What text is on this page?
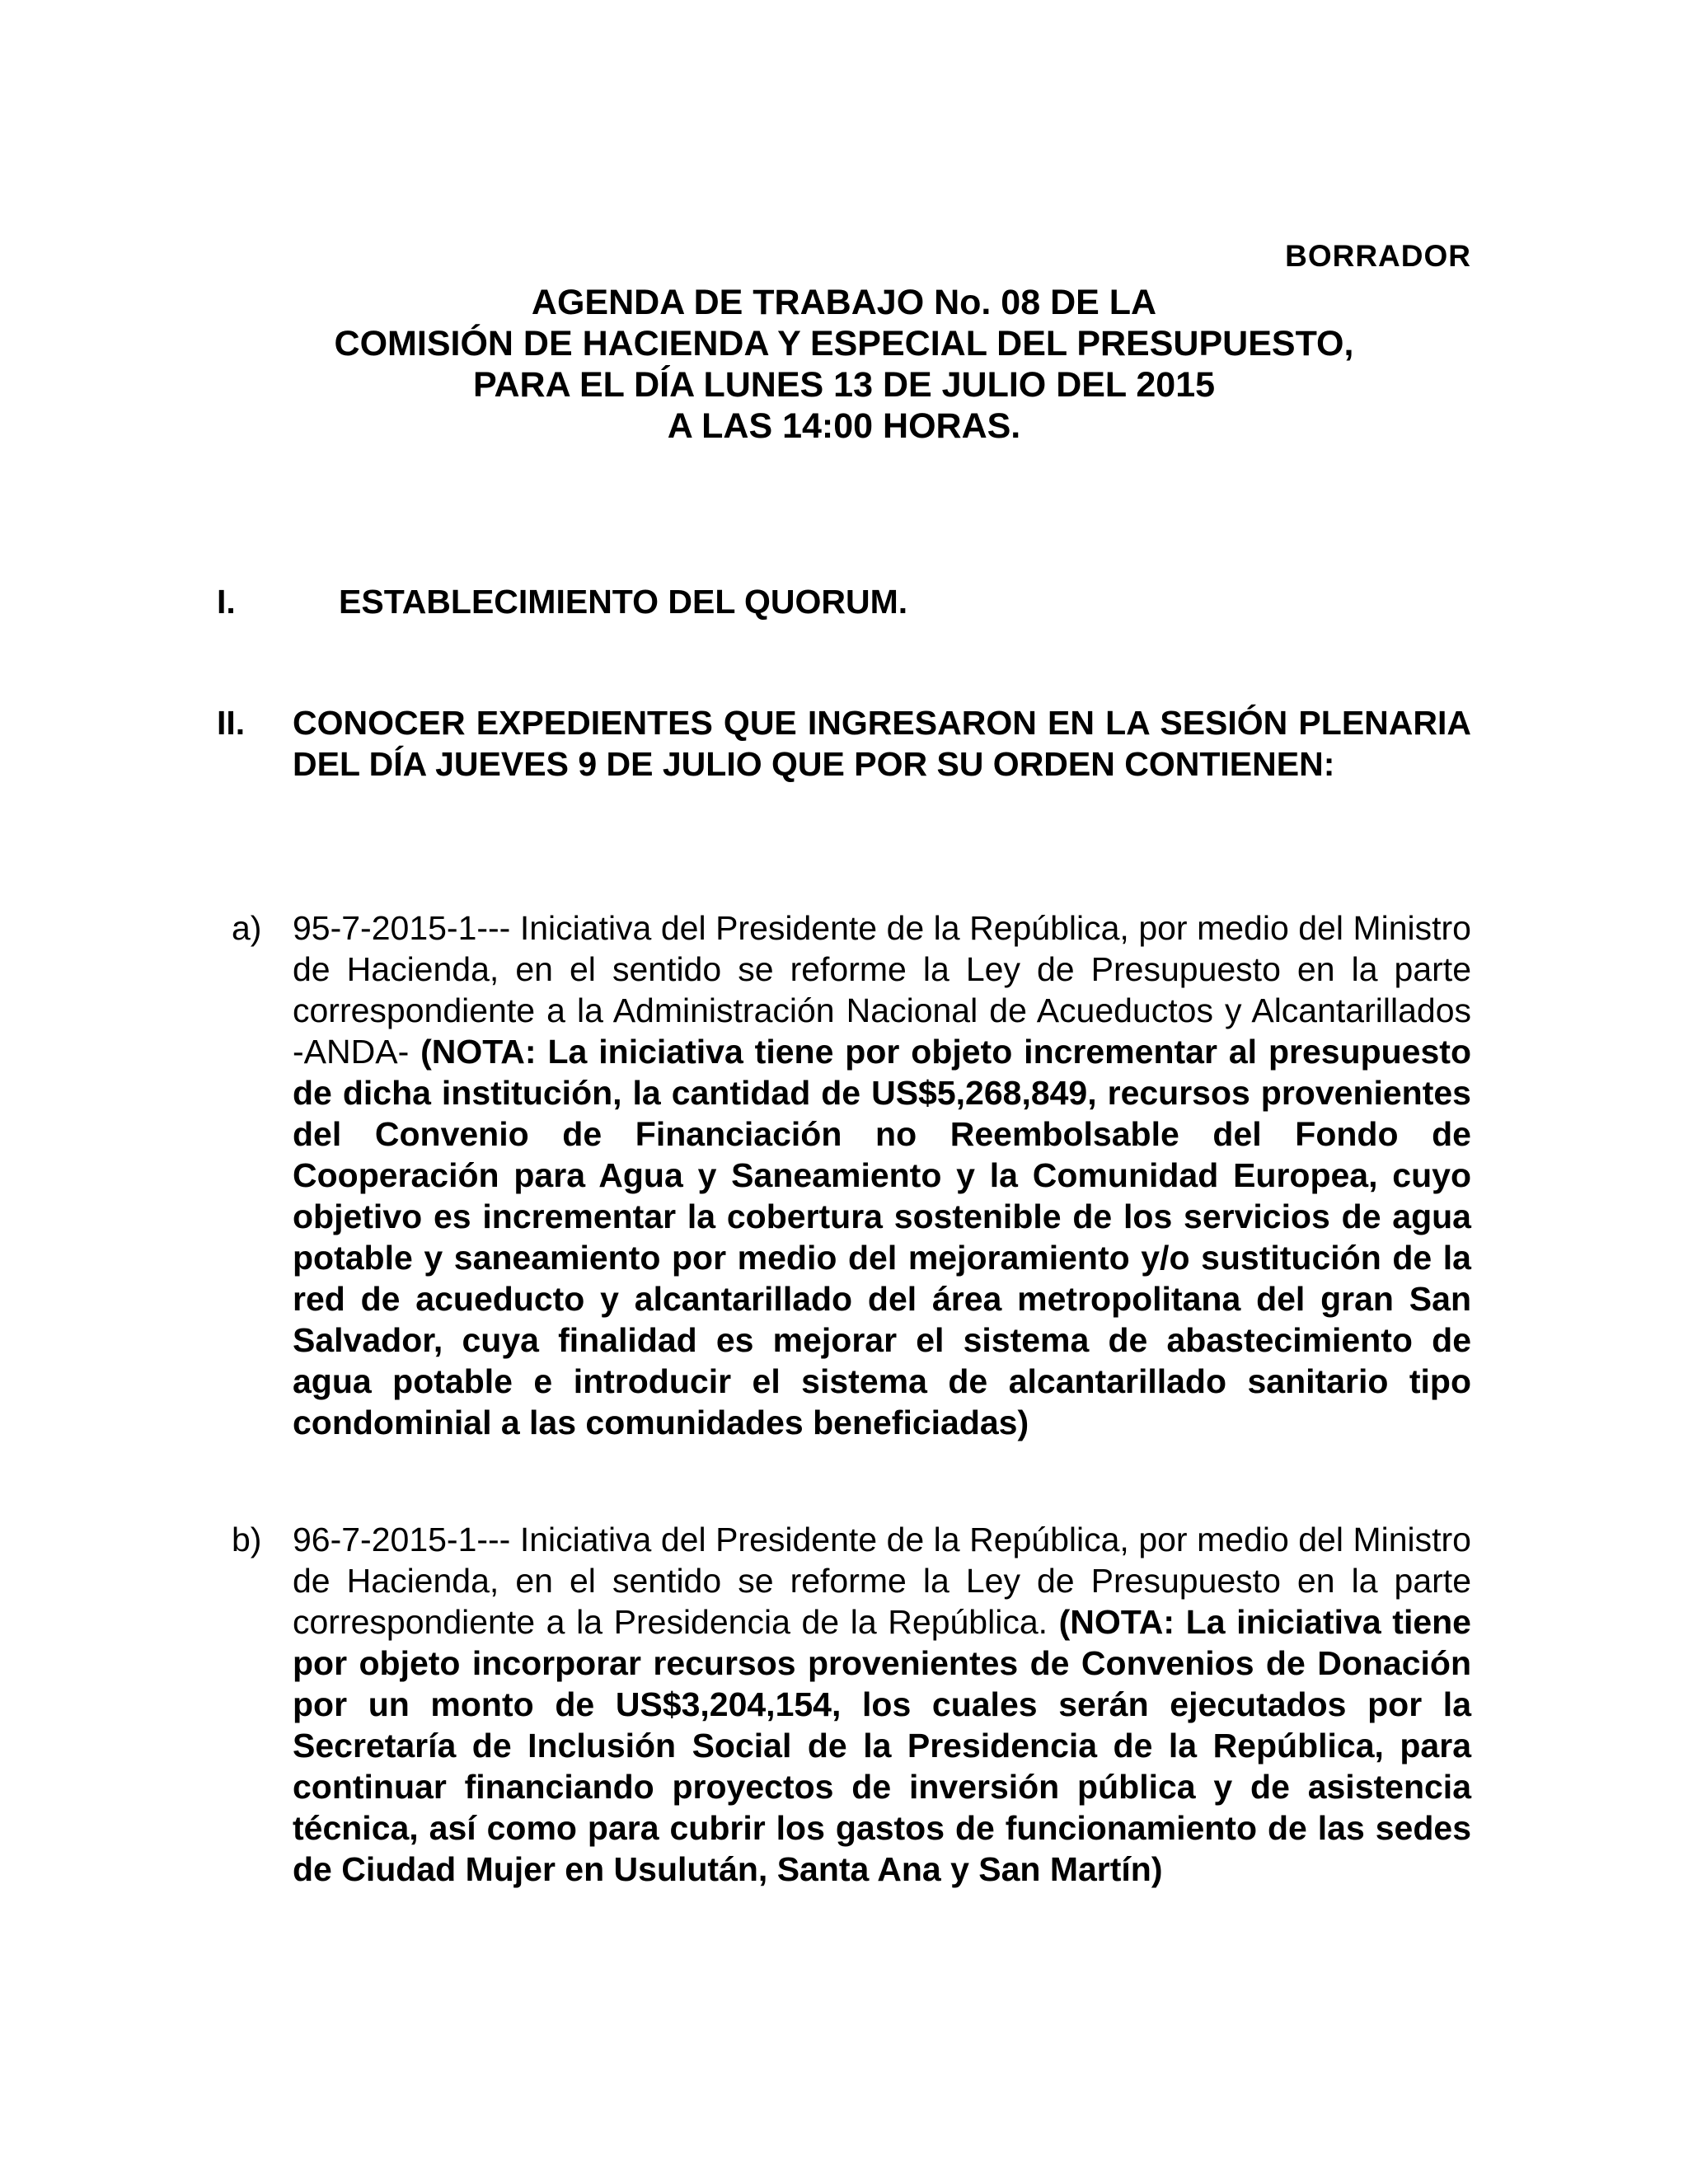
BORRADOR

AGENDA DE TRABAJO No. 08 DE LA
COMISIÓN DE HACIENDA Y ESPECIAL DEL PRESUPUESTO,
PARA EL DÍA LUNES 13 DE JULIO DEL 2015
A LAS 14:00 HORAS.
I.	ESTABLECIMIENTO DEL QUORUM.
II. CONOCER EXPEDIENTES QUE INGRESARON EN LA SESIÓN PLENARIA DEL DÍA JUEVES 9 DE JULIO QUE POR SU ORDEN CONTIENEN:
a) 95-7-2015-1--- Iniciativa del Presidente de la República, por medio del Ministro de Hacienda, en el sentido se reforme la Ley de Presupuesto en la parte correspondiente a la Administración Nacional de Acueductos y Alcantarillados -ANDA- (NOTA: La iniciativa tiene por objeto incrementar al presupuesto de dicha institución, la cantidad de US$5,268,849, recursos provenientes del Convenio de Financiación no Reembolsable del Fondo de Cooperación para Agua y Saneamiento y la Comunidad Europea, cuyo objetivo es incrementar la cobertura sostenible de los servicios de agua potable y saneamiento por medio del mejoramiento y/o sustitución de la red de acueducto y alcantarillado del área metropolitana del gran San Salvador, cuya finalidad es mejorar el sistema de abastecimiento de agua potable e introducir el sistema de alcantarillado sanitario tipo condominial a las comunidades beneficiadas)
b) 96-7-2015-1--- Iniciativa del Presidente de la República, por medio del Ministro de Hacienda, en el sentido se reforme la Ley de Presupuesto en la parte correspondiente a la Presidencia de la República. (NOTA: La iniciativa tiene por objeto incorporar recursos provenientes de Convenios de Donación por un monto de US$3,204,154, los cuales serán ejecutados por la Secretaría de Inclusión Social de la Presidencia de la República, para continuar financiando proyectos de inversión pública y de asistencia técnica, así como para cubrir los gastos de funcionamiento de las sedes de Ciudad Mujer en Usulután, Santa Ana y San Martín)
